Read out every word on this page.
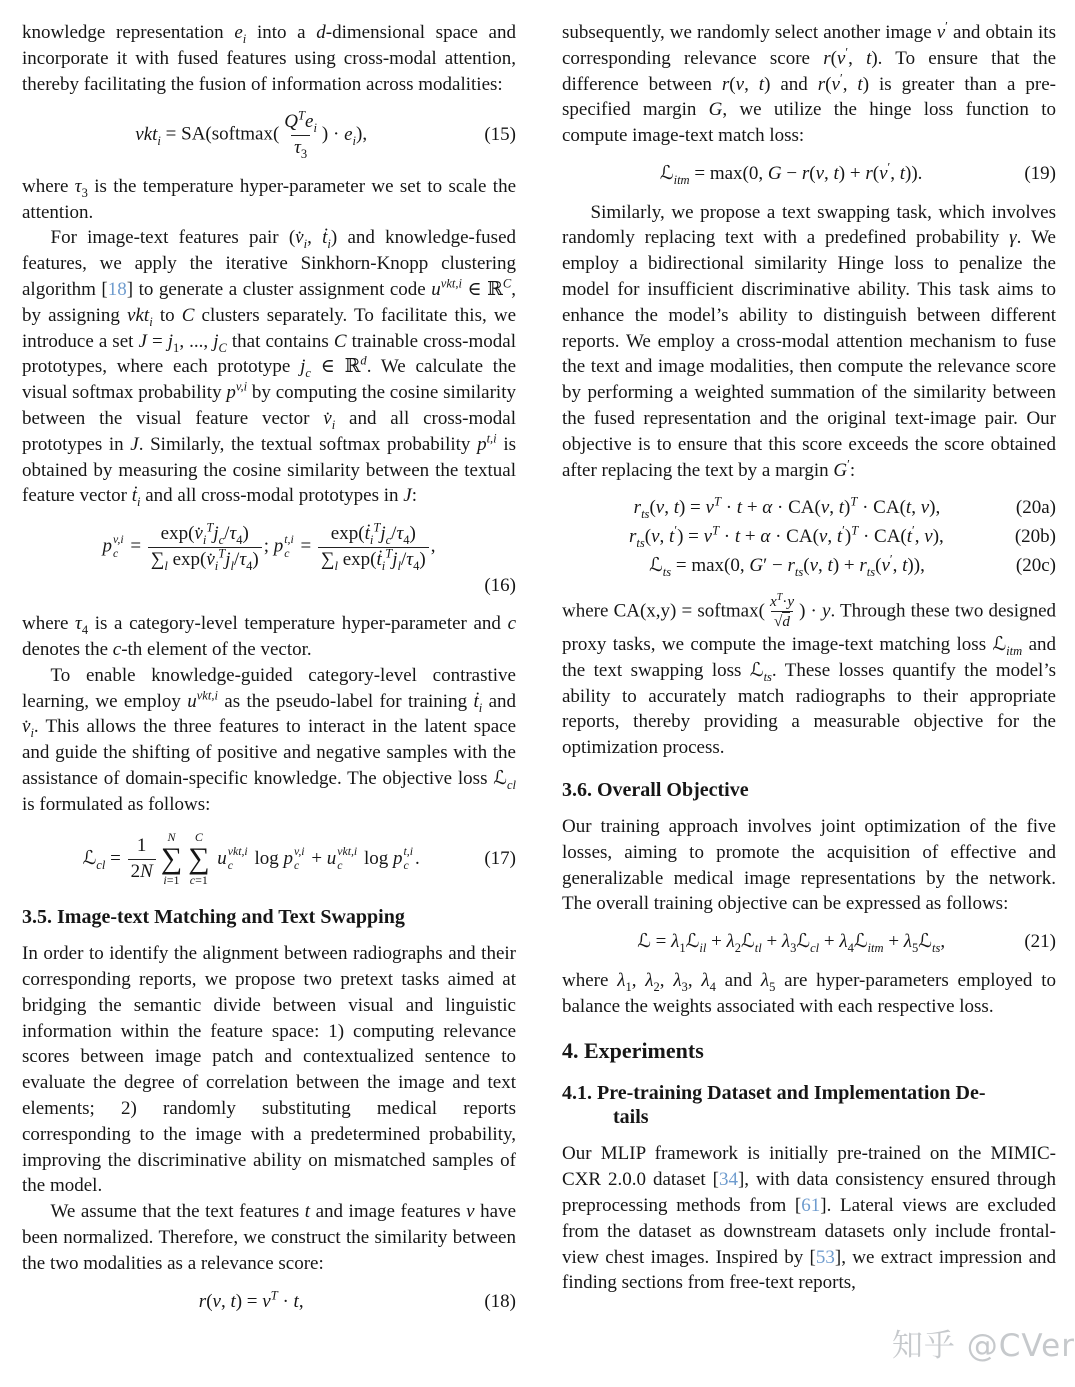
knowledge representation $e_i$ into a d-dimensional space and incorporate it with fused features using cross-modal attention, thereby facilitating the fusion of information across modalities:

vkt$_i$ = SA(softmax( $\frac{Q^Te_i}{\tau_3}$ ) · $e_i$),	(15)

where $\tau_3$ is the temperature hyper-parameter we set to scale the attention.

For image-text features pair ($v̇_i$, ṫ$_i$) and knowledge-fused features, we apply the iterative Sinkhorn-Knopp clustering algorithm [18] to generate a cluster assignment code $u^{vkt,i}$ ∈ ℝ$^C$, by assigning vkt$_i$ to C clusters separately. To facilitate this, we introduce a set $J = j_1$, ..., $j_C$ that contains C trainable cross-modal prototypes, where each prototype $j_c$ ∈ ℝ$^d$. We calculate the visual softmax probability $p^{v,i}$ by computing the cosine similarity between the visual feature vector $v̇_i$ and all cross-modal prototypes in J. Similarly, the textual softmax probability $p^{t,i}$ is obtained by measuring the cosine similarity between the textual feature vector ṫ$_i$ and all cross-modal prototypes in J:

p v,i
$c = \frac{\exp(v̇_i^Tj_c/\tau_4)}{\sum_l \exp(v̇_i^Tj_l/\tau_4)}$ ; p t,i
$c = \frac{\exp(ṫ_i^Tj_c/\tau_4)}{\sum_l \exp(ṫ_i^Tj_l/\tau_4)}$ ,
(16)

where $\tau_4$ is a category-level temperature hyper-parameter and c denotes the c-th element of the vector.

To enable knowledge-guided category-level contrastive learning, we employ $u^{vkt,i}$ as the pseudo-label for training ṫ$_i$ and $v̇_i$. This allows the three features to interact in the latent space and guide the shifting of positive and negative samples with the assistance of domain-specific knowledge. The objective loss ℒ$_{cl}$ is formulated as follows:

ℒ$_{cl}$ = $\frac{1}{2N}$ N
∑
i=1
C
∑
c=1
u vkt,i
c log p v,i
c + u vkt,i
c log p t,i
c .	(17)
3.5. Image-text Matching and Text Swapping

In order to identify the alignment between radiographs and their corresponding reports, we propose two pretext tasks aimed at bridging the semantic divide between visual and linguistic information within the feature space: 1) computing relevance scores between image patch and contextualized sentence to evaluate the degree of correlation between the image and text elements; 2) randomly substituting medical reports corresponding to the image with a predetermined probability, improving the discriminative ability on mismatched samples of the model.

We assume that the text features t and image features v have been normalized. Therefore, we construct the similarity between the two modalities as a relevance score:

r(v, $t) = v^T \cdot t$,	(18)

subsequently, we randomly select another image v′ and obtain its corresponding relevance score r(v′, t). To ensure that the difference between r(v, t) and r(v′, t) is greater than a pre-specified margin G, we utilize the hinge loss function to compute image-text match loss:

ℒ$_{itm}$ = max(0, G − r(v, t) + r(v′, t)).	(19)

Similarly, we propose a text swapping task, which involves randomly replacing text with a predefined probability γ. We employ a bidirectional similarity Hinge loss to penalize the model for insufficient discriminative ability. This task aims to enhance the model’s ability to distinguish between different reports. We employ a cross-modal attention mechanism to fuse the text and image modalities, then compute the relevance score by performing a weighted summation of the similarity between the fused representation and the original text-image pair. Our objective is to ensure that this score exceeds the score obtained after replacing the text by a margin G′:

$r_{ts}(v$, $t) = v^T \cdot t + \alpha \cdot CA(v$, t)$^T$ · CA(t, v),	(20a)
$r_{ts}(v$, $t') = v^T \cdot t + \alpha \cdot CA(v$, t′)$^T$ · CA(t′, v),	(20b)
ℒ$_{ts}$ = max(0, $G' - r_{ts}(v$, $t) + r_{ts}(v'$, t)),	(20c)

where CA(x,y) = softmax( $\frac{x^T\cdot y}{√d}$ ) · y. Through these two designed proxy tasks, we compute the image-text matching loss ℒ$_{itm}$ and the text swapping loss ℒ$_{ts}$. These losses quantify the model’s ability to accurately match radiographs to their appropriate reports, thereby providing a measurable objective for the optimization process.

3.6. Overall Objective

Our training approach involves joint optimization of the five losses, aiming to promote the acquisition of effective and generalizable medical image representations by the network. The overall training objective can be expressed as follows:

ℒ = $\lambda_1ℒ_{il}$ + $\lambda_2ℒ_{tl}$ + $\lambda_3ℒ_{cl}$ + $\lambda_4ℒ_{itm}$ + $\lambda_5ℒ_{ts}$,	(21)

where $\lambda_1$, $\lambda_2$, $\lambda_3$, $\lambda_4$ and $\lambda_5$ are hyper-parameters employed to balance the weights associated with each respective loss.

4. Experiments
4.1. Pre-training Dataset and Implementation De-
tails

Our MLIP framework is initially pre-trained on the MIMIC-CXR 2.0.0 dataset [34], with data consistency ensured through preprocessing methods from [61]. Lateral views are excluded from the dataset as downstream datasets only include frontal-view chest images. Inspired by [53], we extract impression and finding sections from free-text reports,

知乎 @CVer
